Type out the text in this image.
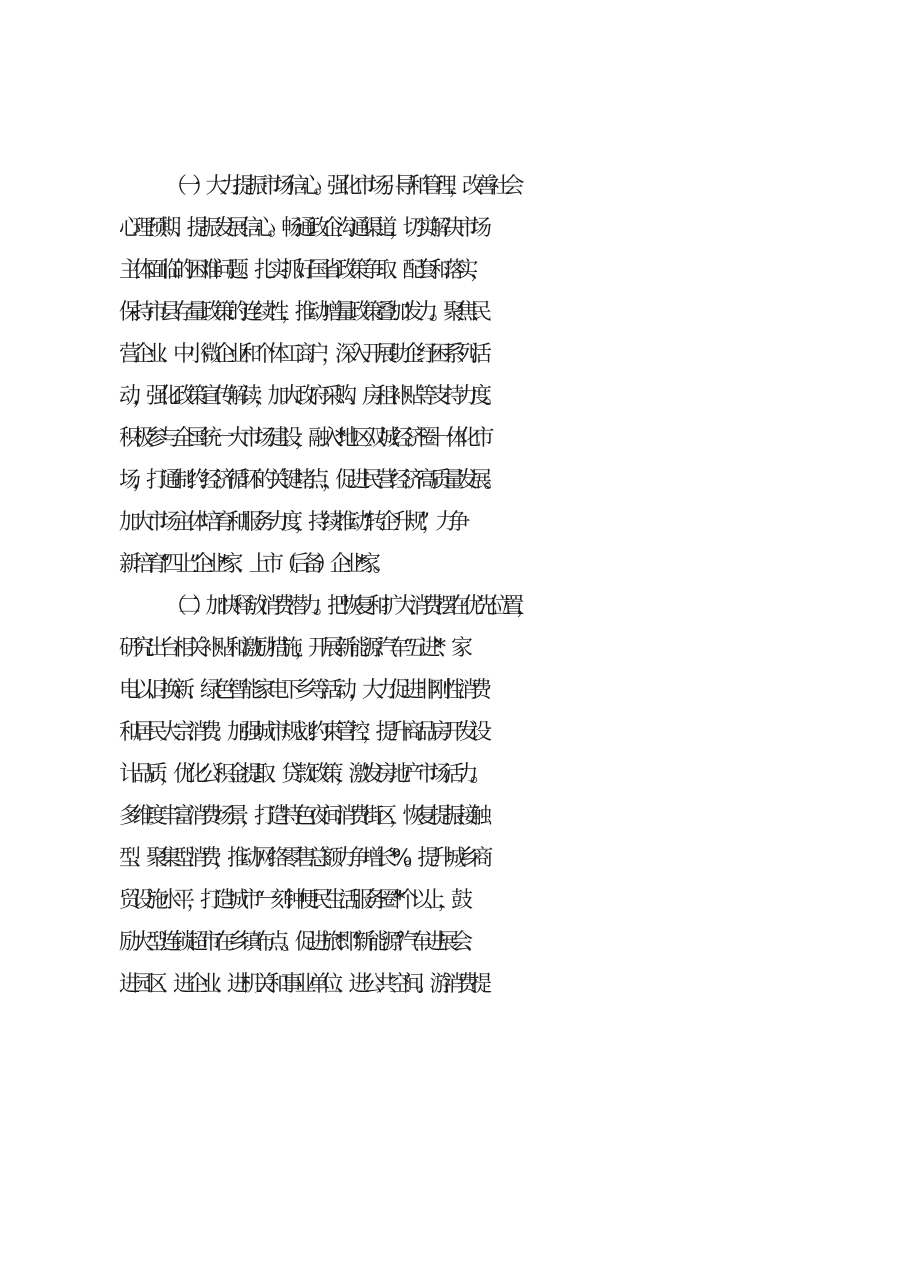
（一）大力提振市场信心。强化市场引导和管理，改善社会
心理预期、提振发展信心。畅通政企沟通渠道，切实解决市场
主体面临的困难问题。扎实抓好国省政策争取、配套和落实，
保持市县存量政策的连续性，推动增量政策叠加发力。聚焦民
营企业、中小微企业和个体工商户，深入开展助企纾困系列活
动，强化政策宣传解读，加大政府采购、房租补贴等支持力度。
积极参与全国统一大市场建设，融入*地区双城经济圈一体化市
场，打通制约经济循环的关键堵点，促进民营经济高质量发展。
加大市场主体培育和服务力度，持续推动“转企升规”，力争
新培育“四上”企业*家、上市（后备）企业*家。
（二）加快释放消费潜力。把恢复和扩大消费摆在优先位置，
研究出台相关补贴和激励措施，开展新能源汽车“五进”*、家
电以旧换新、绿色智能家电下乡等活动，大力促进非刚性消费
和居民大宗消费。加强城市规划约束管控，提升商品房开发设
计品质，优化公积金提取、贷款政策，激发房地产市场活力。
多维度丰富消费场景，打造特色夜间消费街区，恢复提振接触
型、聚集型消费，推动网络零售总额力争增长*%。提升城乡商
贸设施水平，打造城市“一刻钟便民生活服务圈”*个以上，鼓
励大型连锁超市在乡镇布点。促进旅*即“新能源”汽车进展会、
进园区、进企业、进机关和事业单位、进公共空间。游消费提
